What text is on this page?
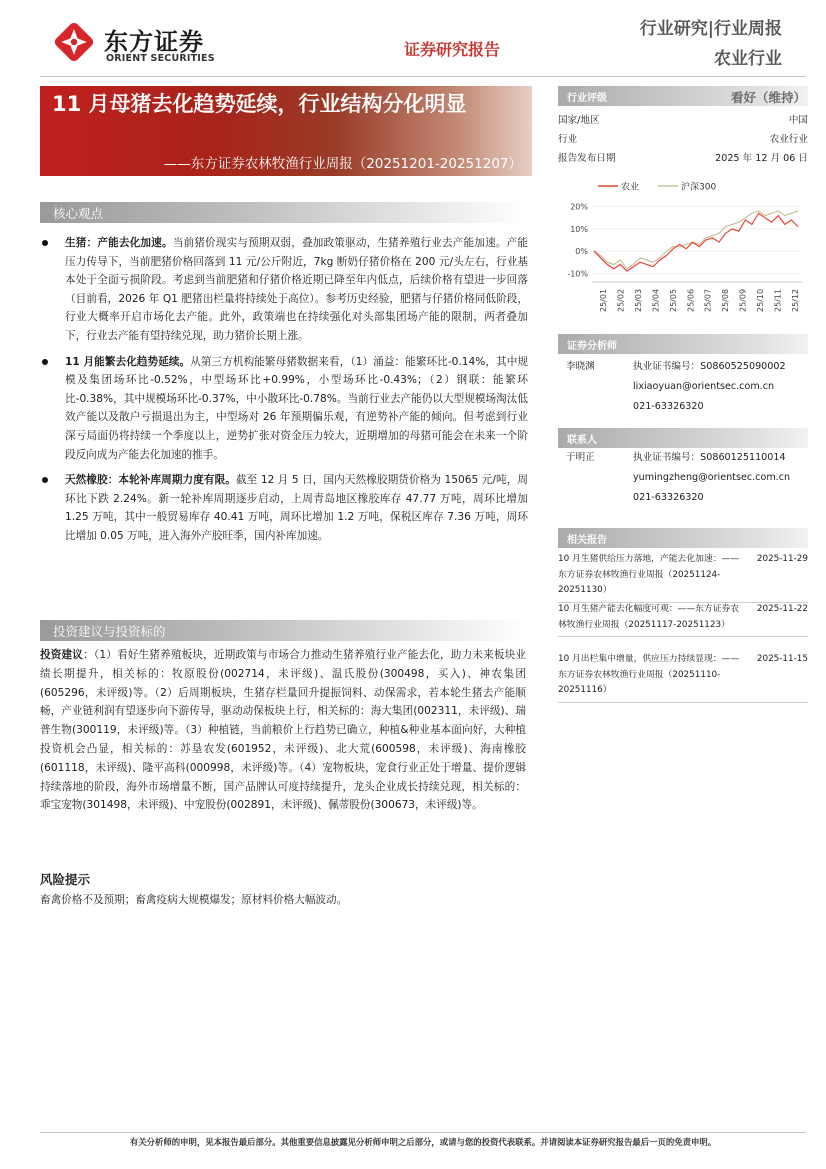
东方证券
ORIENT SECURITIES	证券研究报告
行业研究|行业周报
农业行业
11 月母猪去化趋势延续，行业结构分化明显
——东方证券农林牧渔行业周报（20251201-20251207）
行业评级	看好（维持）
国家/地区	中国
行业	农业行业
报告发布日期	2025 年 12 月 06 日
农业	沪深300
20%
10%
0%
-10%
25/01 25/02 25/03 25/04 25/05 25/06 25/07 25/08 25/09 25/10 25/11 25/12
证券分析师
李晓渊	执业证书编号：S0860525090002
lixiaoyuan@orientsec.com.cn
021-63326320
联系人
于明正	执业证书编号：S0860125110014
yumingzheng@orientsec.com.cn
021-63326320
相关报告
2025-11-29
10 月生猪供给压力落地，产能去化加速：——东方证券农林牧渔行业周报（20251124-20251130）
2025-11-22
10 月生猪产能去化幅度可观：——东方证券农林牧渔行业周报（20251117-20251123）
2025-11-15
10 月出栏集中增量，供应压力持续显现：——东方证券农林牧渔行业周报（20251110-20251116）
核心观点
生猪：产能去化加速。当前猪价现实与预期双弱，叠加政策驱动，生猪养殖行业去产能加速。产能压力传导下，当前肥猪价格回落到 11 元/公斤附近，7kg 断奶仔猪价格在 200 元/头左右，行业基本处于全面亏损阶段。考虑到当前肥猪和仔猪价格近期已降至年内低点，后续价格有望进一步回落（目前看，2026 年 Q1 肥猪出栏量将持续处于高位）。参考历史经验，肥猪与仔猪价格同低阶段，行业大概率开启市场化去产能。此外，政策端也在持续强化对头部集团场产能的限制，两者叠加下，行业去产能有望持续兑现，助力猪价长期上涨。
11 月能繁去化趋势延续。从第三方机构能繁母猪数据来看，（1）涌益：能繁环比-0.14%，其中规模及集团场环比-0.52%，中型场环比+0.99%，小型场环比-0.43%；（2）钢联：能繁环比-0.38%，其中规模场环比-0.37%，中小散环比-0.78%。当前行业去产能仍以大型规模场淘汰低效产能以及散户亏损退出为主，中型场对 26 年预期偏乐观，有逆势补产能的倾向。但考虑到行业深亏局面仍将持续一个季度以上，逆势扩张对资金压力较大，近期增加的母猪可能会在未来一个阶段反向成为产能去化加速的推手。
天然橡胶：本轮补库周期力度有限。截至 12 月 5 日，国内天然橡胶期货价格为 15065 元/吨，周环比下跌 2.24%。新一轮补库周期逐步启动，上周青岛地区橡胶库存 47.77 万吨，周环比增加 1.25 万吨，其中一般贸易库存 40.41 万吨，周环比增加 1.2 万吨，保税区库存 7.36 万吨，周环比增加 0.05 万吨，进入海外产胶旺季，国内补库加速。
投资建议与投资标的
投资建议：（1）看好生猪养殖板块，近期政策与市场合力推动生猪养殖行业产能去化，助力未来板块业绩长期提升，相关标的：牧原股份(002714，未评级)、温氏股份(300498，买入)、神农集团(605296，未评级)等。（2）后周期板块，生猪存栏量回升提振饲料、动保需求，若本轮生猪去产能顺畅，产业链利润有望逐步向下游传导，驱动动保板块上行，相关标的：海大集团(002311，未评级)、瑞普生物(300119，未评级)等。（3）种植链，当前粮价上行趋势已确立，种植&种业基本面向好，大种植投资机会凸显，相关标的：苏垦农发(601952，未评级)、北大荒(600598，未评级)、海南橡胶(601118，未评级)、隆平高科(000998，未评级)等。（4）宠物板块，宠食行业正处于增量、提价逻辑持续落地的阶段，海外市场增量不断，国产品牌认可度持续提升，龙头企业成长持续兑现，相关标的：乖宝宠物(301498，未评级)、中宠股份(002891，未评级)、佩蒂股份(300673，未评级)等。
风险提示
畜禽价格不及预期；畜禽疫病大规模爆发；原材料价格大幅波动。
有关分析师的申明，见本报告最后部分。其他重要信息披露见分析师申明之后部分，或请与您的投资代表联系。并请阅读本证券研究报告最后一页的免责申明。
